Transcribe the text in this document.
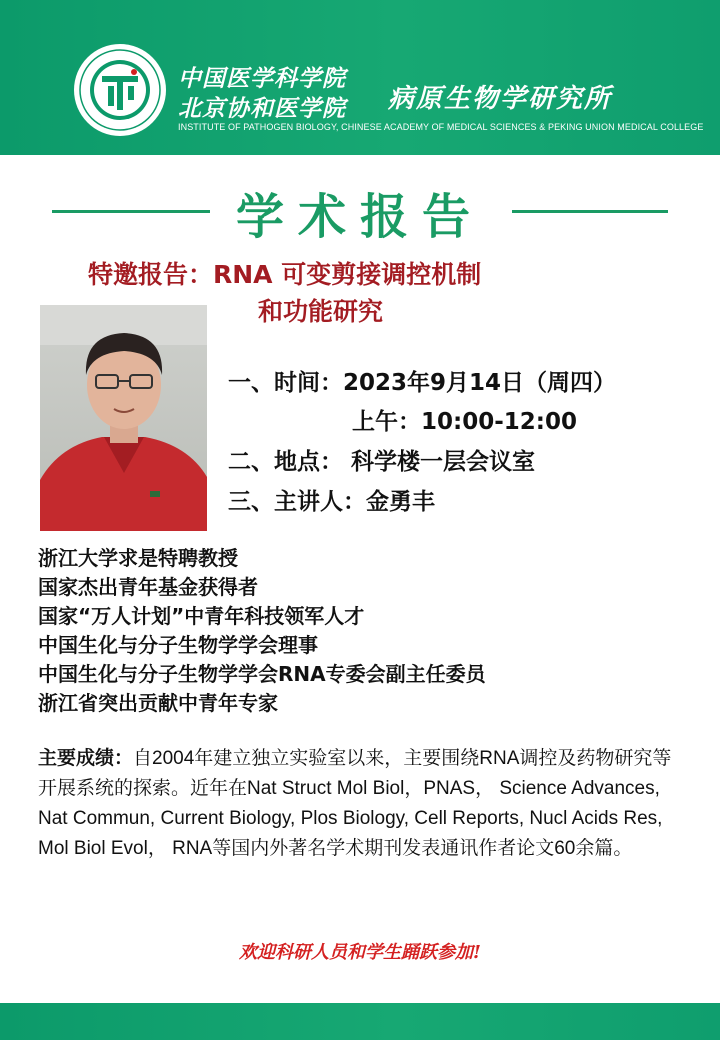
中国医学科学院
北京协和医学院 病原生物学研究所
INSTITUTE OF PATHOGEN BIOLOGY, CHINESE ACADEMY OF MEDICAL SCIENCES & PEKING UNION MEDICAL COLLEGE
学术报告
特邀报告：RNA 可变剪接调控机制
和功能研究
一、时间：2023年9月14日（周四）
上午：10:00-12:00
二、地点： 科学楼一层会议室
三、主讲人：金勇丰
浙江大学求是特聘教授
国家杰出青年基金获得者
国家“万人计划”中青年科技领军人才
中国生化与分子生物学学会理事
中国生化与分子生物学学会RNA专委会副主任委员
浙江省突出贡献中青年专家
主要成绩：自2004年建立独立实验室以来，主要围绕RNA调控及药物研究等开展系统的探索。近年在Nat Struct Mol Biol，PNAS， Science Advances, Nat Commun, Current Biology, Plos Biology, Cell Reports, Nucl Acids Res, Mol Biol Evol， RNA等国内外著名学术期刊发表通讯作者论文60余篇。
欢迎科研人员和学生踊跃参加!
